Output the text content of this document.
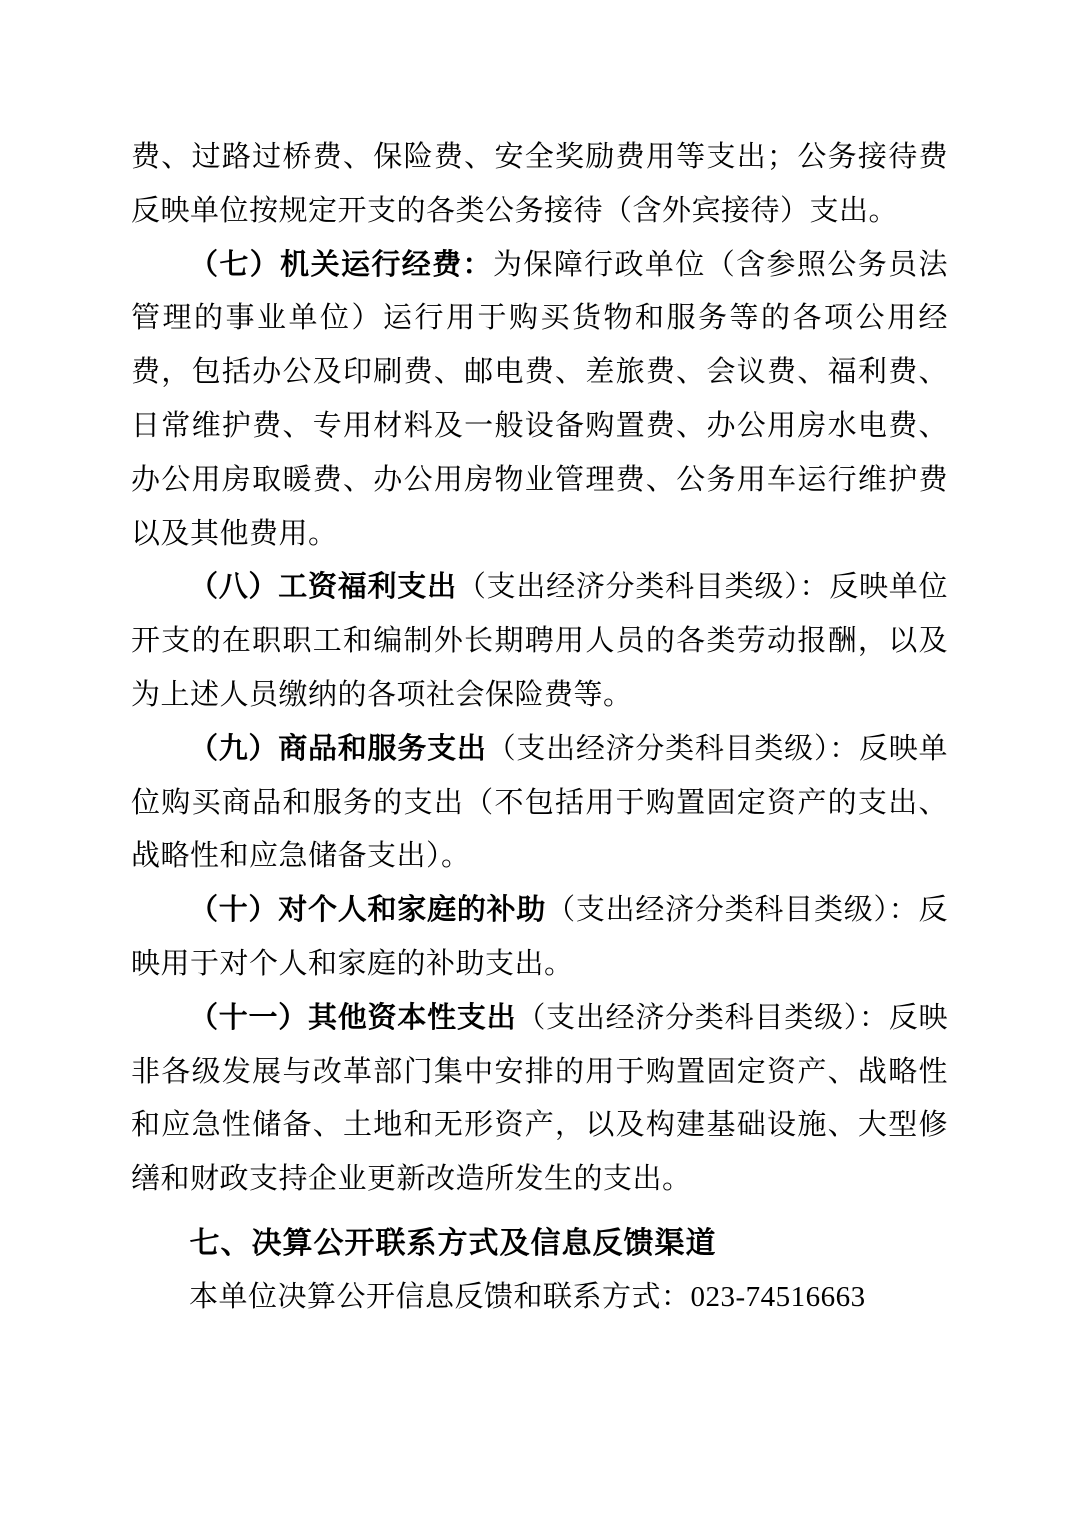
费、过路过桥费、保险费、安全奖励费用等支出；公务接待费反映单位按规定开支的各类公务接待（含外宾接待）支出。

（七）机关运行经费：为保障行政单位（含参照公务员法管理的事业单位）运行用于购买货物和服务等的各项公用经费，包括办公及印刷费、邮电费、差旅费、会议费、福利费、日常维护费、专用材料及一般设备购置费、办公用房水电费、办公用房取暖费、办公用房物业管理费、公务用车运行维护费以及其他费用。

（八）工资福利支出（支出经济分类科目类级）：反映单位开支的在职职工和编制外长期聘用人员的各类劳动报酬，以及为上述人员缴纳的各项社会保险费等。

（九）商品和服务支出（支出经济分类科目类级）：反映单位购买商品和服务的支出（不包括用于购置固定资产的支出、战略性和应急储备支出）。

（十）对个人和家庭的补助（支出经济分类科目类级）：反映用于对个人和家庭的补助支出。

（十一）其他资本性支出（支出经济分类科目类级）：反映非各级发展与改革部门集中安排的用于购置固定资产、战略性和应急性储备、土地和无形资产，以及构建基础设施、大型修缮和财政支持企业更新改造所发生的支出。

七、决算公开联系方式及信息反馈渠道

本单位决算公开信息反馈和联系方式：023-74516663
